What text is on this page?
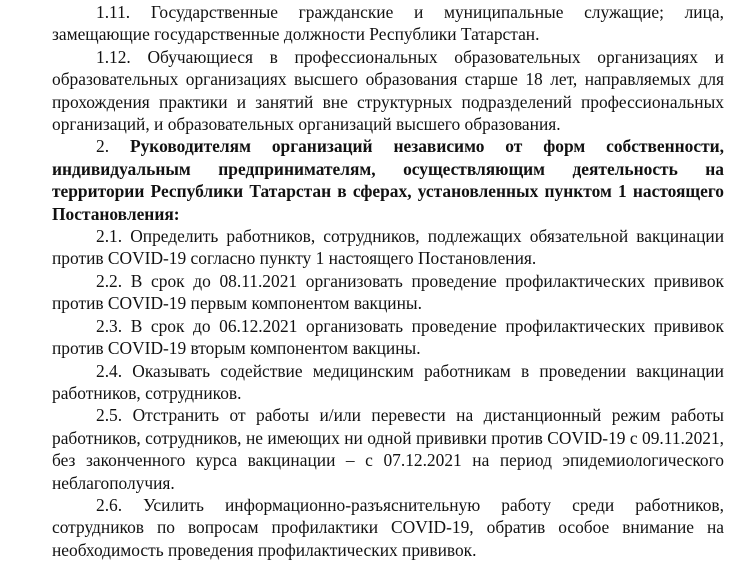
1.11. Государственные гражданские и муниципальные служащие; лица, замещающие государственные должности Республики Татарстан.

1.12. Обучающиеся в профессиональных образовательных организациях и образовательных организациях высшего образования старше 18 лет, направляемых для прохождения практики и занятий вне структурных подразделений профессиональных организаций, и образовательных организаций высшего образования.

2. Руководителям организаций независимо от форм собственности, индивидуальным предпринимателям, осуществляющим деятельность на территории Республики Татарстан в сферах, установленных пунктом 1 настоящего Постановления:

2.1. Определить работников, сотрудников, подлежащих обязательной вакцинации против COVID-19 согласно пункту 1 настоящего Постановления.

2.2. В срок до 08.11.2021 организовать проведение профилактических прививок против COVID-19 первым компонентом вакцины.

2.3. В срок до 06.12.2021 организовать проведение профилактических прививок против COVID-19 вторым компонентом вакцины.

2.4. Оказывать содействие медицинским работникам в проведении вакцинации работников, сотрудников.

2.5. Отстранить от работы и/или перевести на дистанционный режим работы работников, сотрудников, не имеющих ни одной прививки против COVID-19 с 09.11.2021, без законченного курса вакцинации – с 07.12.2021 на период эпидемиологического неблагополучия.

2.6. Усилить информационно-разъяснительную работу среди работников, сотрудников по вопросам профилактики COVID-19, обратив особое внимание на необходимость проведения профилактических прививок.
